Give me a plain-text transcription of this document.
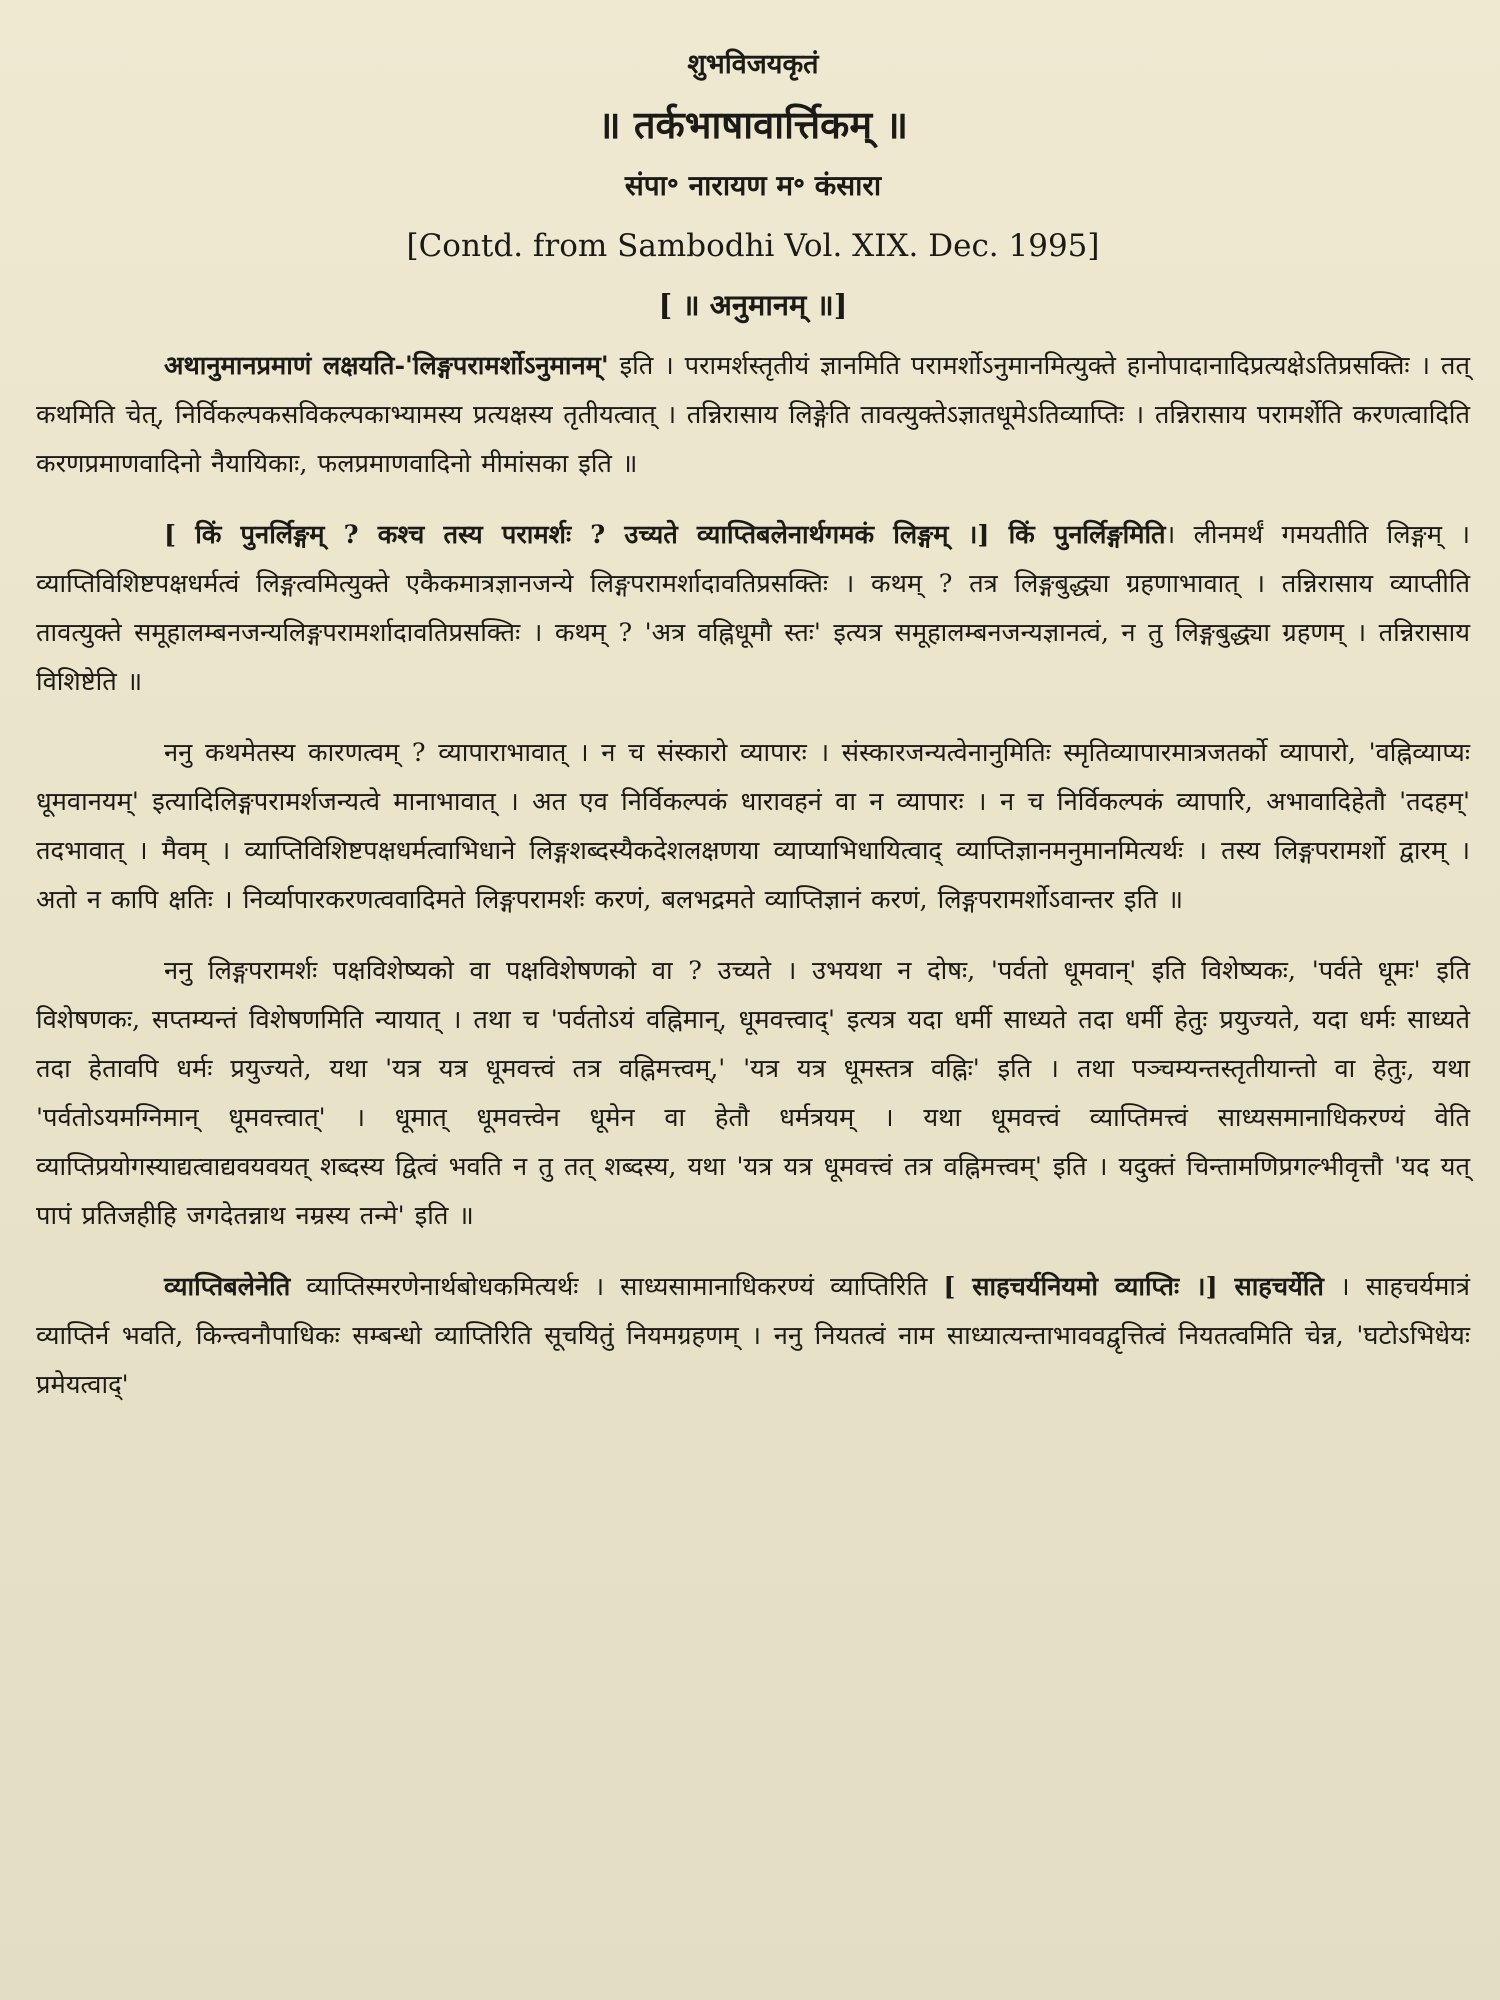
शुभविजयकृतं

॥ तर्कभाषावार्त्तिकम् ॥

संपा॰ नारायण म॰ कंसारा

[Contd. from Sambodhi Vol. XIX. Dec. 1995]

[ ॥ अनुमानम् ॥]

अथानुमानप्रमाणं लक्षयति-'लिङ्गपरामर्शोऽनुमानम्' इति । परामर्शस्तृतीयं ज्ञानमिति परामर्शोऽनुमानमित्युक्ते हानोपादानादिप्रत्यक्षेऽतिप्रसक्तिः । तत् कथमिति चेत्, निर्विकल्पकसविकल्पकाभ्यामस्य प्रत्यक्षस्य तृतीयत्वात् । तन्निरासाय लिङ्गेति तावत्युक्तेऽज्ञातधूमेऽतिव्याप्तिः । तन्निरासाय परामर्शेति करणत्वादिति करणप्रमाणवादिनो नैयायिकाः, फलप्रमाणवादिनो मीमांसका इति ॥

[ किं पुनर्लिङ्गम् ? कश्च तस्य परामर्शः ? उच्यते व्याप्तिबलेनार्थगमकं लिङ्गम् ।] किं पुनर्लिङ्गमिति। लीनमर्थं गमयतीति लिङ्गम् । व्याप्तिविशिष्टपक्षधर्मत्वं लिङ्गत्वमित्युक्ते एकैकमात्रज्ञानजन्ये लिङ्गपरामर्शादावतिप्रसक्तिः । कथम् ? तत्र लिङ्गबुद्ध्या ग्रहणाभावात् । तन्निरासाय व्याप्तीति तावत्युक्ते समूहालम्बनजन्यलिङ्गपरामर्शादावतिप्रसक्तिः । कथम् ? 'अत्र वह्निधूमौ स्तः' इत्यत्र समूहालम्बनजन्यज्ञानत्वं, न तु लिङ्गबुद्ध्या ग्रहणम् । तन्निरासाय विशिष्टेति ॥

ननु कथमेतस्य कारणत्वम् ? व्यापाराभावात् । न च संस्कारो व्यापारः । संस्कारजन्यत्वेनानुमितिः स्मृतिव्यापारमात्रजतर्को व्यापारो, 'वह्निव्याप्यः धूमवानयम्' इत्यादिलिङ्गपरामर्शजन्यत्वे मानाभावात् । अत एव निर्विकल्पकं धारावहनं वा न व्यापारः । न च निर्विकल्पकं व्यापारि, अभावादिहेतौ 'तदहम्' तदभावात् । मैवम् । व्याप्तिविशिष्टपक्षधर्मत्वाभिधाने लिङ्गशब्दस्यैकदेशलक्षणया व्याप्याभिधायित्वाद् व्याप्तिज्ञानमनुमानमित्यर्थः । तस्य लिङ्गपरामर्शो द्वारम् । अतो न कापि क्षतिः । निर्व्यापारकरणत्ववादिमते लिङ्गपरामर्शः करणं, बलभद्रमते व्याप्तिज्ञानं करणं, लिङ्गपरामर्शोऽवान्तर इति ॥

ननु लिङ्गपरामर्शः पक्षविशेष्यको वा पक्षविशेषणको वा ? उच्यते । उभयथा न दोषः, 'पर्वतो धूमवान्' इति विशेष्यकः, 'पर्वते धूमः' इति विशेषणकः, सप्तम्यन्तं विशेषणमिति न्यायात् । तथा च 'पर्वतोऽयं वह्निमान्, धूमवत्त्वाद्' इत्यत्र यदा धर्मी साध्यते तदा धर्मी हेतुः प्रयुज्यते, यदा धर्मः साध्यते तदा हेतावपि धर्मः प्रयुज्यते, यथा 'यत्र यत्र धूमवत्त्वं तत्र वह्निमत्त्वम्,' 'यत्र यत्र धूमस्तत्र वह्निः' इति । तथा पञ्चम्यन्तस्तृतीयान्तो वा हेतुः, यथा 'पर्वतोऽयमग्निमान् धूमवत्त्वात्' । धूमात् धूमवत्त्वेन धूमेन वा हेतौ धर्मत्रयम् । यथा धूमवत्त्वं व्याप्तिमत्त्वं साध्यसमानाधिकरण्यं वेति व्याप्तिप्रयोगस्याद्यत्वाद्यवयवयत् शब्दस्य द्वित्वं भवति न तु तत् शब्दस्य, यथा 'यत्र यत्र धूमवत्त्वं तत्र वह्निमत्त्वम्' इति । यदुक्तं चिन्तामणिप्रगल्भीवृत्तौ 'यद यत् पापं प्रतिजहीहि जगदेतन्नाथ नम्रस्य तन्मे' इति ॥

व्याप्तिबलेनेति व्याप्तिस्मरणेनार्थबोधकमित्यर्थः । साध्यसामानाधिकरण्यं व्याप्तिरिति [ साहचर्यनियमो व्याप्तिः ।] साहचर्येति । साहचर्यमात्रं व्याप्तिर्न भवति, किन्त्वनौपाधिकः सम्बन्धो व्याप्तिरिति सूचयितुं नियमग्रहणम् । ननु नियतत्वं नाम साध्यात्यन्ताभाववद्वृत्तित्वं नियतत्वमिति चेन्न, 'घटोऽभिधेयः प्रमेयत्वाद्'
